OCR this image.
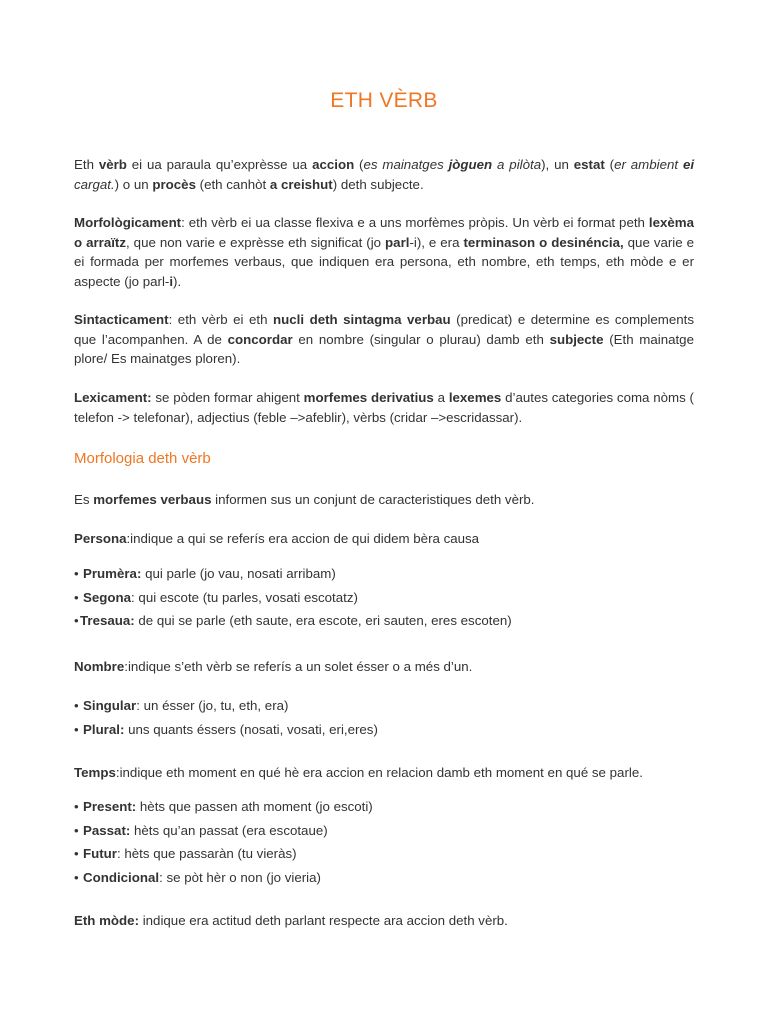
ETH VÈRB
Eth vèrb ei ua paraula qu’exprèsse ua accion (es mainatges jòguen a pilòta), un estat (er ambient ei cargat.) o un procès (eth canhòt a creishut) deth subjecte.
Morfològicament: eth vèrb ei ua classe flexiva e a uns morfèmes pròpis. Un vèrb ei format peth lexèma o arraïtz, que non varie e exprèsse eth significat (jo parl-i), e era terminason o desinéncia, que varie e ei formada per morfemes verbaus, que indiquen era persona, eth nombre, eth temps, eth mòde e er aspecte (jo parl-i).
Sintacticament: eth vèrb ei eth nucli deth sintagma verbau (predicat) e determine es complements que l’acompanhen. A de concordar en nombre (singular o plurau) damb eth subjecte (Eth mainatge plore/ Es mainatges ploren).
Lexicament: se pòden formar ahigent morfemes derivatius a lexemes d’autes categories coma nòms ( telefon -> telefonar), adjectius (feble –>afeblir), vèrbs (cridar –>escridassar).
Morfologia deth vèrb
Es morfemes verbaus informen sus un conjunt de caracteristiques deth vèrb.
Persona:indique a qui se referís era accion de qui didem bèra causa
• Prumèra: qui parle (jo vau, nosati arribam)
• Segona: qui escote (tu parles, vosati escotatz)
•Tresaua: de qui se parle (eth saute, era escote, eri sauten, eres escoten)
Nombre:indique s’eth vèrb se referís a un solet ésser o a més d’un.
• Singular: un ésser (jo, tu, eth, era)
• Plural: uns quants éssers (nosati, vosati, eri,eres)
Temps:indique eth moment en qué hè era accion en relacion damb eth moment en qué se parle.
• Present: hèts que passen ath moment (jo escoti)
• Passat: hèts qu’an passat (era escotaue)
• Futur: hèts que passaràn (tu vieràs)
• Condicional: se pòt hèr o non (jo vieria)
Eth mòde: indique era actitud deth parlant respecte ara accion deth vèrb.
